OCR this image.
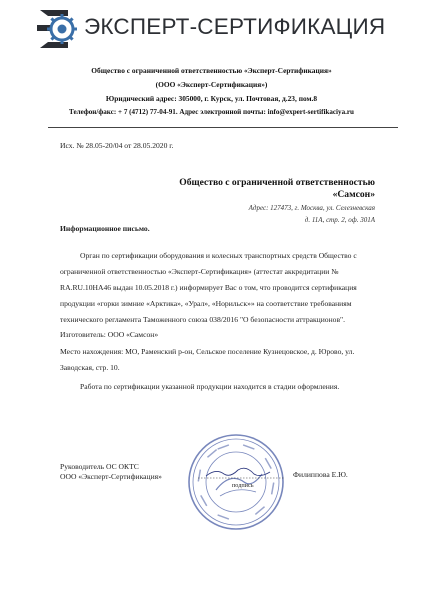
ЭКСПЕРТ-СЕРТИФИКАЦИЯ
Общество с ограниченной ответственностью «Эксперт-Сертификация»
(ООО «Эксперт-Сертификация»)
Юридический адрес: 305000, г. Курск, ул. Почтовая, д.23, пом.8
Телефон/факс: + 7 (4712) 77-04-91. Адрес электронной почты: info@expert-sertifikaciya.ru
Исх. № 28.05-20/04 от 28.05.2020 г.
Общество с ограниченной ответственностью
«Самсон»
Адрес: 127473, г. Москва, ул. Селезневская
д. 11А, стр. 2, оф. 301А
Информационное письмо.
Орган по сертификации оборудования и колесных транспортных средств Общество с
ограниченной ответственностью «Эксперт-Сертификация» (аттестат аккредитации №
RA.RU.10НА46 выдан 10.05.2018 г.) информирует Вас о том, что проводится сертификация
продукции «горки зимние «Арктика», «Урал», «Норильск»» на соответствие требованиям
технического регламента Таможенного союза 038/2016 "О безопасности аттракционов".
Изготовитель: ООО «Самсон»
Место нахождения: МО, Раменский р-он, Сельское поселение Кузнецовское, д. Юрово, ул.
Заводская, стр. 10.
Работа по сертификации указанной продукции находится в стадии оформления.
Руководитель ОС ОКТС
ООО «Эксперт-Сертификация»
подпись
Филиппова Е.Ю.
